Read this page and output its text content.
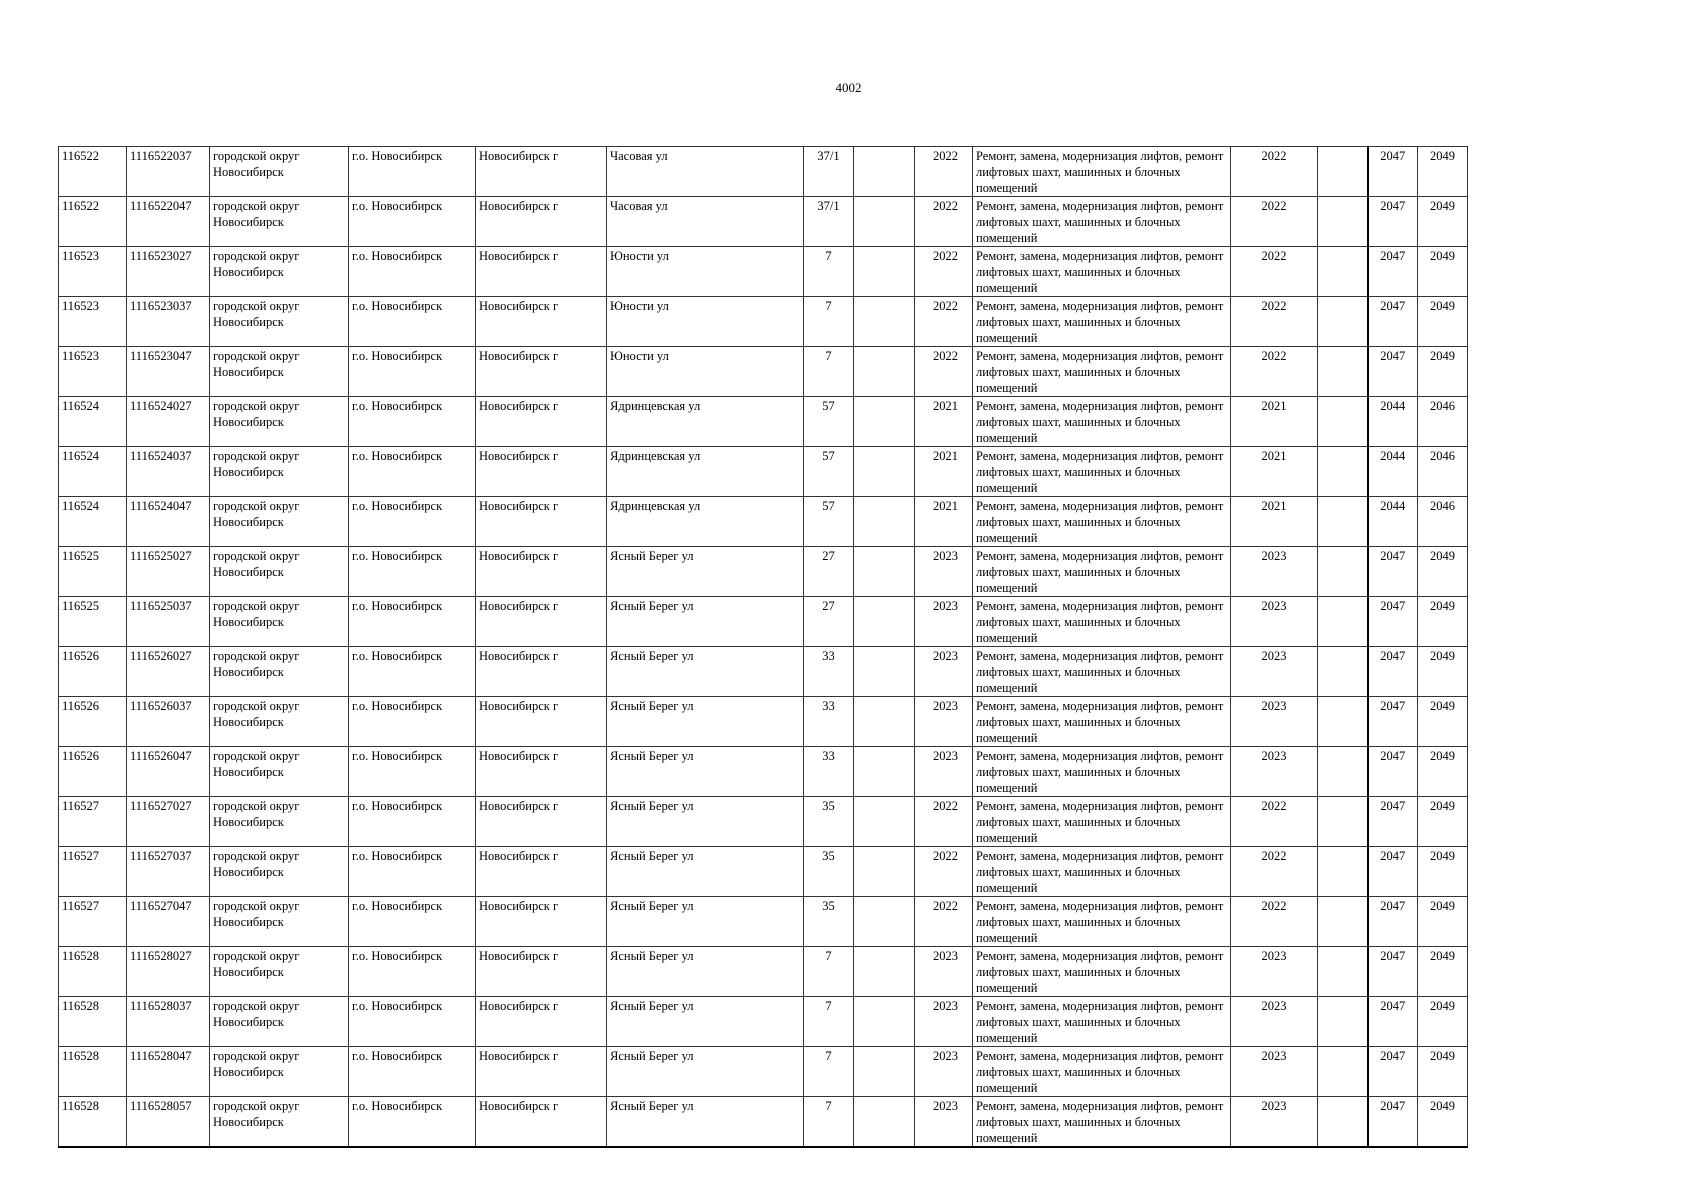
4002
116522	1116522037	городской округ Новосибирск	г.о. Новосибирск	Новосибирск г	Часовая ул	37/1		2022	Ремонт, замена, модернизация лифтов, ремонт лифтовых шахт, машинных и блочных помещений	2022		2047	2049
116522	1116522047	городской округ Новосибирск	г.о. Новосибирск	Новосибирск г	Часовая ул	37/1		2022	Ремонт, замена, модернизация лифтов, ремонт лифтовых шахт, машинных и блочных помещений	2022		2047	2049
116523	1116523027	городской округ Новосибирск	г.о. Новосибирск	Новосибирск г	Юности ул	7		2022	Ремонт, замена, модернизация лифтов, ремонт лифтовых шахт, машинных и блочных помещений	2022		2047	2049
116523	1116523037	городской округ Новосибирск	г.о. Новосибирск	Новосибирск г	Юности ул	7		2022	Ремонт, замена, модернизация лифтов, ремонт лифтовых шахт, машинных и блочных помещений	2022		2047	2049
116523	1116523047	городской округ Новосибирск	г.о. Новосибирск	Новосибирск г	Юности ул	7		2022	Ремонт, замена, модернизация лифтов, ремонт лифтовых шахт, машинных и блочных помещений	2022		2047	2049
116524	1116524027	городской округ Новосибирск	г.о. Новосибирск	Новосибирск г	Ядринцевская ул	57		2021	Ремонт, замена, модернизация лифтов, ремонт лифтовых шахт, машинных и блочных помещений	2021		2044	2046
116524	1116524037	городской округ Новосибирск	г.о. Новосибирск	Новосибирск г	Ядринцевская ул	57		2021	Ремонт, замена, модернизация лифтов, ремонт лифтовых шахт, машинных и блочных помещений	2021		2044	2046
116524	1116524047	городской округ Новосибирск	г.о. Новосибирск	Новосибирск г	Ядринцевская ул	57		2021	Ремонт, замена, модернизация лифтов, ремонт лифтовых шахт, машинных и блочных помещений	2021		2044	2046
116525	1116525027	городской округ Новосибирск	г.о. Новосибирск	Новосибирск г	Ясный Берег ул	27		2023	Ремонт, замена, модернизация лифтов, ремонт лифтовых шахт, машинных и блочных помещений	2023		2047	2049
116525	1116525037	городской округ Новосибирск	г.о. Новосибирск	Новосибирск г	Ясный Берег ул	27		2023	Ремонт, замена, модернизация лифтов, ремонт лифтовых шахт, машинных и блочных помещений	2023		2047	2049
116526	1116526027	городской округ Новосибирск	г.о. Новосибирск	Новосибирск г	Ясный Берег ул	33		2023	Ремонт, замена, модернизация лифтов, ремонт лифтовых шахт, машинных и блочных помещений	2023		2047	2049
116526	1116526037	городской округ Новосибирск	г.о. Новосибирск	Новосибирск г	Ясный Берег ул	33		2023	Ремонт, замена, модернизация лифтов, ремонт лифтовых шахт, машинных и блочных помещений	2023		2047	2049
116526	1116526047	городской округ Новосибирск	г.о. Новосибирск	Новосибирск г	Ясный Берег ул	33		2023	Ремонт, замена, модернизация лифтов, ремонт лифтовых шахт, машинных и блочных помещений	2023		2047	2049
116527	1116527027	городской округ Новосибирск	г.о. Новосибирск	Новосибирск г	Ясный Берег ул	35		2022	Ремонт, замена, модернизация лифтов, ремонт лифтовых шахт, машинных и блочных помещений	2022		2047	2049
116527	1116527037	городской округ Новосибирск	г.о. Новосибирск	Новосибирск г	Ясный Берег ул	35		2022	Ремонт, замена, модернизация лифтов, ремонт лифтовых шахт, машинных и блочных помещений	2022		2047	2049
116527	1116527047	городской округ Новосибирск	г.о. Новосибирск	Новосибирск г	Ясный Берег ул	35		2022	Ремонт, замена, модернизация лифтов, ремонт лифтовых шахт, машинных и блочных помещений	2022		2047	2049
116528	1116528027	городской округ Новосибирск	г.о. Новосибирск	Новосибирск г	Ясный Берег ул	7		2023	Ремонт, замена, модернизация лифтов, ремонт лифтовых шахт, машинных и блочных помещений	2023		2047	2049
116528	1116528037	городской округ Новосибирск	г.о. Новосибирск	Новосибирск г	Ясный Берег ул	7		2023	Ремонт, замена, модернизация лифтов, ремонт лифтовых шахт, машинных и блочных помещений	2023		2047	2049
116528	1116528047	городской округ Новосибирск	г.о. Новосибирск	Новосибирск г	Ясный Берег ул	7		2023	Ремонт, замена, модернизация лифтов, ремонт лифтовых шахт, машинных и блочных помещений	2023		2047	2049
116528	1116528057	городской округ Новосибирск	г.о. Новосибирск	Новосибирск г	Ясный Берег ул	7		2023	Ремонт, замена, модернизация лифтов, ремонт лифтовых шахт, машинных и блочных помещений	2023		2047	2049
